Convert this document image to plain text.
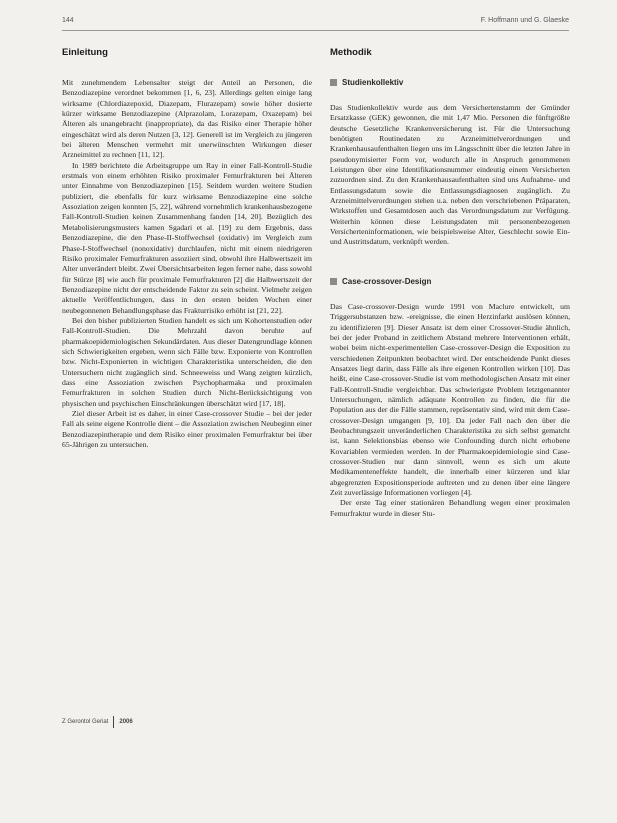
144	F. Hoffmann und G. Glaeske
Einleitung

Mit zunehmendem Lebensalter steigt der Anteil an Personen, die Benzodiazepine verordnet bekommen [1, 6, 23]. Allerdings gelten einige lang wirksame (Chlordiazepoxid, Diazepam, Flurazepam) sowie höher dosierte kürzer wirksame Benzodiazepine (Alprazolam, Lorazepam, Oxazepam) bei Älteren als unangebracht (inappropriate), da das Risiko einer Therapie höher eingeschätzt wird als deren Nutzen [3, 12]. Generell ist im Vergleich zu jüngeren bei älteren Menschen vermehrt mit unerwünschten Wirkungen dieser Arzneimittel zu rechnen [11, 12].

In 1989 berichtete die Arbeitsgruppe um Ray in einer Fall-Kontroll-Studie erstmals von einem erhöhten Risiko proximaler Femurfrakturen bei Älteren unter Einnahme von Benzodiazepinen [15]. Seitdem wurden weitere Studien publiziert, die ebenfalls für kurz wirksame Benzodiazepine eine solche Assoziation zeigen konnten [5, 22], während vornehmlich krankenhausbezogene Fall-Kontroll-Studien keinen Zusammenhang fanden [14, 20]. Bezüglich des Metabolisierungsmusters kamen Sgadari et al. [19] zu dem Ergebnis, dass Benzodiazepine, die den Phase-II-Stoffwechsel (oxidativ) im Vergleich zum Phase-I-Stoffwechsel (nonoxidativ) durchlaufen, nicht mit einem niedrigeren Risiko proximaler Femurfrakturen assoziiert sind, obwohl ihre Halbwertszeit im Alter unverändert bleibt. Zwei Übersichtsarbeiten legen ferner nahe, dass sowohl für Stürze [8] wie auch für proximale Femurfrakturen [2] die Halbwertszeit der Benzodiazepine nicht der entscheidende Faktor zu sein scheint. Vielmehr zeigen aktuelle Veröffentlichungen, dass in den ersten beiden Wochen einer neubegonnenen Behandlungsphase das Frakturrisiko erhöht ist [21, 22].

Bei den bisher publizierten Studien handelt es sich um Kohortenstudien oder Fall-Kontroll-Studien. Die Mehrzahl davon beruhte auf pharmakoepidemiologischen Sekundärdaten. Aus dieser Datengrundlage können sich Schwierigkeiten ergeben, wenn sich Fälle bzw. Exponierte von Kontrollen bzw. Nicht-Exponierten in wichtigen Charakteristika unterscheiden, die den Untersuchern nicht zugänglich sind. Schneeweiss und Wang zeigten kürzlich, dass eine Assoziation zwischen Psychopharmaka und proximalen Femurfrakturen in solchen Studien durch Nicht-Berücksichtigung von physischen und psychischen Einschränkungen überschätzt wird [17, 18].

Ziel dieser Arbeit ist es daher, in einer Case-crossover Studie – bei der jeder Fall als seine eigene Kontrolle dient – die Assoziation zwischen Neubeginn einer Benzodiazepintherapie und dem Risiko einer proximalen Femurfraktur bei über 65-Jährigen zu untersuchen.

Methodik
Studienkollektiv

Das Studienkollektiv wurde aus dem Versichertenstamm der Gmünder Ersatzkasse (GEK) gewonnen, die mit 1,47 Mio. Personen die fünftgrößte deutsche Gesetzliche Krankenversicherung ist. Für die Untersuchung benötigten Routinedaten zu Arzneimittelverordnungen und Krankenhausaufenthalten liegen uns im Längsschnitt über die letzten Jahre in pseudonymisierter Form vor, wodurch alle in Anspruch genommenen Leistungen über eine Identifikationsnummer eindeutig einem Versicherten zuzuordnen sind. Zu den Krankenhausaufenthalten sind uns Aufnahme- und Entlassungsdatum sowie die Entlassungsdiagnosen zugänglich. Zu Arzneimittelverordnungen stehen u.a. neben den verschriebenen Präparaten, Wirkstoffen und Gesamtdosen auch das Verordnungsdatum zur Verfügung. Weiterhin können diese Leistungsdaten mit personenbezogenen Versicherteninformationen, wie beispielsweise Alter, Geschlecht sowie Ein- und Austrittsdatum, verknüpft werden.

Case-crossover-Design

Das Case-crossover-Design wurde 1991 von Maclure entwickelt, um Triggersubstanzen bzw. -ereignisse, die einen Herzinfarkt auslösen können, zu identifizieren [9]. Dieser Ansatz ist dem einer Crossover-Studie ähnlich, bei der jeder Proband in zeitlichem Abstand mehrere Interventionen erhält, wobei beim nicht-experimentellen Case-crossover-Design die Exposition zu verschiedenen Zeitpunkten beobachtet wird. Der entscheidende Punkt dieses Ansatzes liegt darin, dass Fälle als ihre eigenen Kontrollen wirken [10]. Das heißt, eine Case-crossover-Studie ist vom methodologischen Ansatz mit einer Fall-Kontroll-Studie vergleichbar. Das schwierigste Problem letztgenannter Untersuchungen, nämlich adäquate Kontrollen zu finden, die für die Population aus der die Fälle stammen, repräsentativ sind, wird mit dem Case-crossover-Design umgangen [9, 10]. Da jeder Fall nach den über die Beobachtungszeit unveränderlichen Charakteristika zu sich selbst gematcht ist, kann Selektionsbias ebenso wie Confounding durch nicht erhobene Kovariablen vermieden werden. In der Pharmakoepidemiologie sind Case-crossover-Studien nur dann sinnvoll, wenn es sich um akute Medikamenteneffekte handelt, die innerhalb einer kürzeren und klar abgegrenzten Expositionsperiode auftreten und zu denen über eine längere Zeit zuverlässige Informationen vorliegen [4].

Der erste Tag einer stationären Behandlung wegen einer proximalen Femurfraktur wurde in dieser Stu-

Z Gerontol Geriat 2006
